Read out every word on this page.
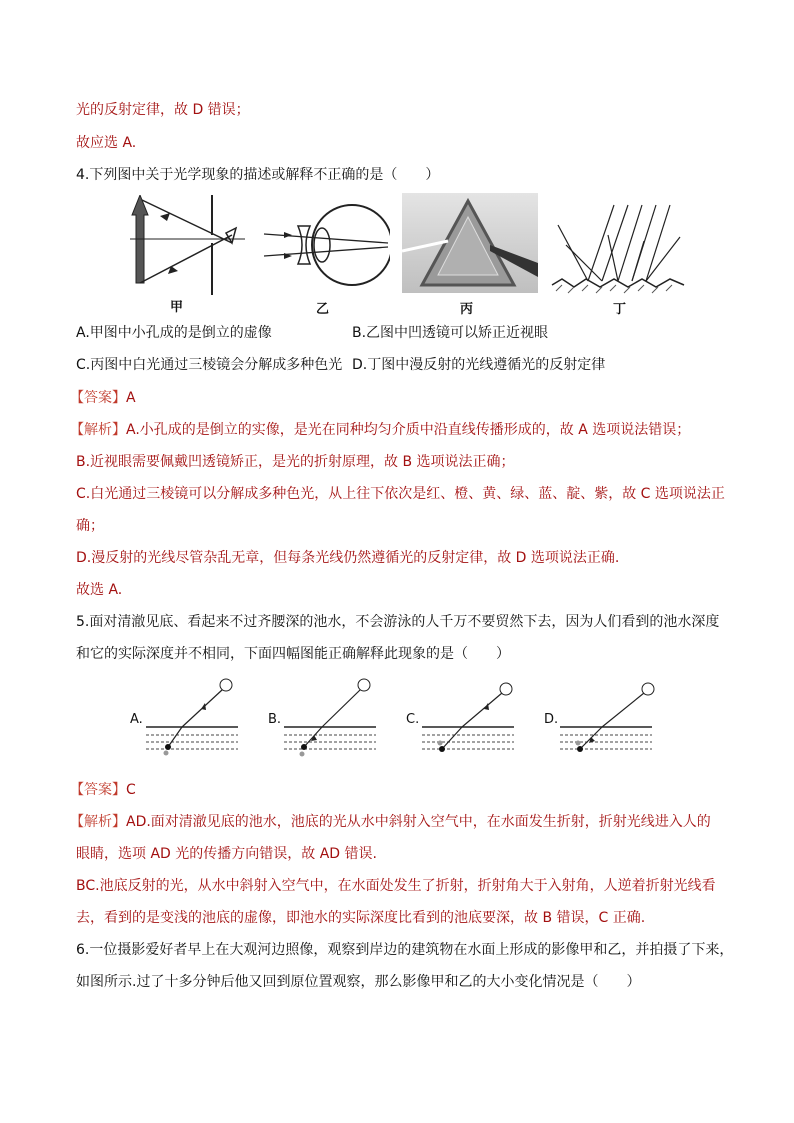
光的反射定律，故 D 错误；
故应选 A.
4.下列图中关于光学现象的描述或解释不正确的是（　　）
甲	乙	丙	丁
A.甲图中小孔成的是倒立的虚像	B.乙图中凹透镜可以矫正近视眼
C.丙图中白光通过三棱镜会分解成多种色光 D.丁图中漫反射的光线遵循光的反射定律
【答案】A
【解析】A.小孔成的是倒立的实像，是光在同种均匀介质中沿直线传播形成的，故 A 选项说法错误；
B.近视眼需要佩戴凹透镜矫正，是光的折射原理，故 B 选项说法正确；
C.白光通过三棱镜可以分解成多种色光，从上往下依次是红、橙、黄、绿、蓝、靛、紫，故 C 选项说法正
确；
D.漫反射的光线尽管杂乱无章，但每条光线仍然遵循光的反射定律，故 D 选项说法正确.
故选 A.
5.面对清澈见底、看起来不过齐腰深的池水，不会游泳的人千万不要贸然下去，因为人们看到的池水深度
和它的实际深度并不相同，下面四幅图能正确解释此现象的是（　　）
A.	B.	C.	D.
【答案】C
【解析】AD.面对清澈见底的池水，池底的光从水中斜射入空气中，在水面发生折射，折射光线进入人的
眼睛，选项 AD 光的传播方向错误，故 AD 错误.
BC.池底反射的光，从水中斜射入空气中，在水面处发生了折射，折射角大于入射角，人逆着折射光线看
去，看到的是变浅的池底的虚像，即池水的实际深度比看到的池底要深，故 B 错误，C 正确.
6.一位摄影爱好者早上在大观河边照像，观察到岸边的建筑物在水面上形成的影像甲和乙，并拍摄了下来，
如图所示.过了十多分钟后他又回到原位置观察，那么影像甲和乙的大小变化情况是（　　）
